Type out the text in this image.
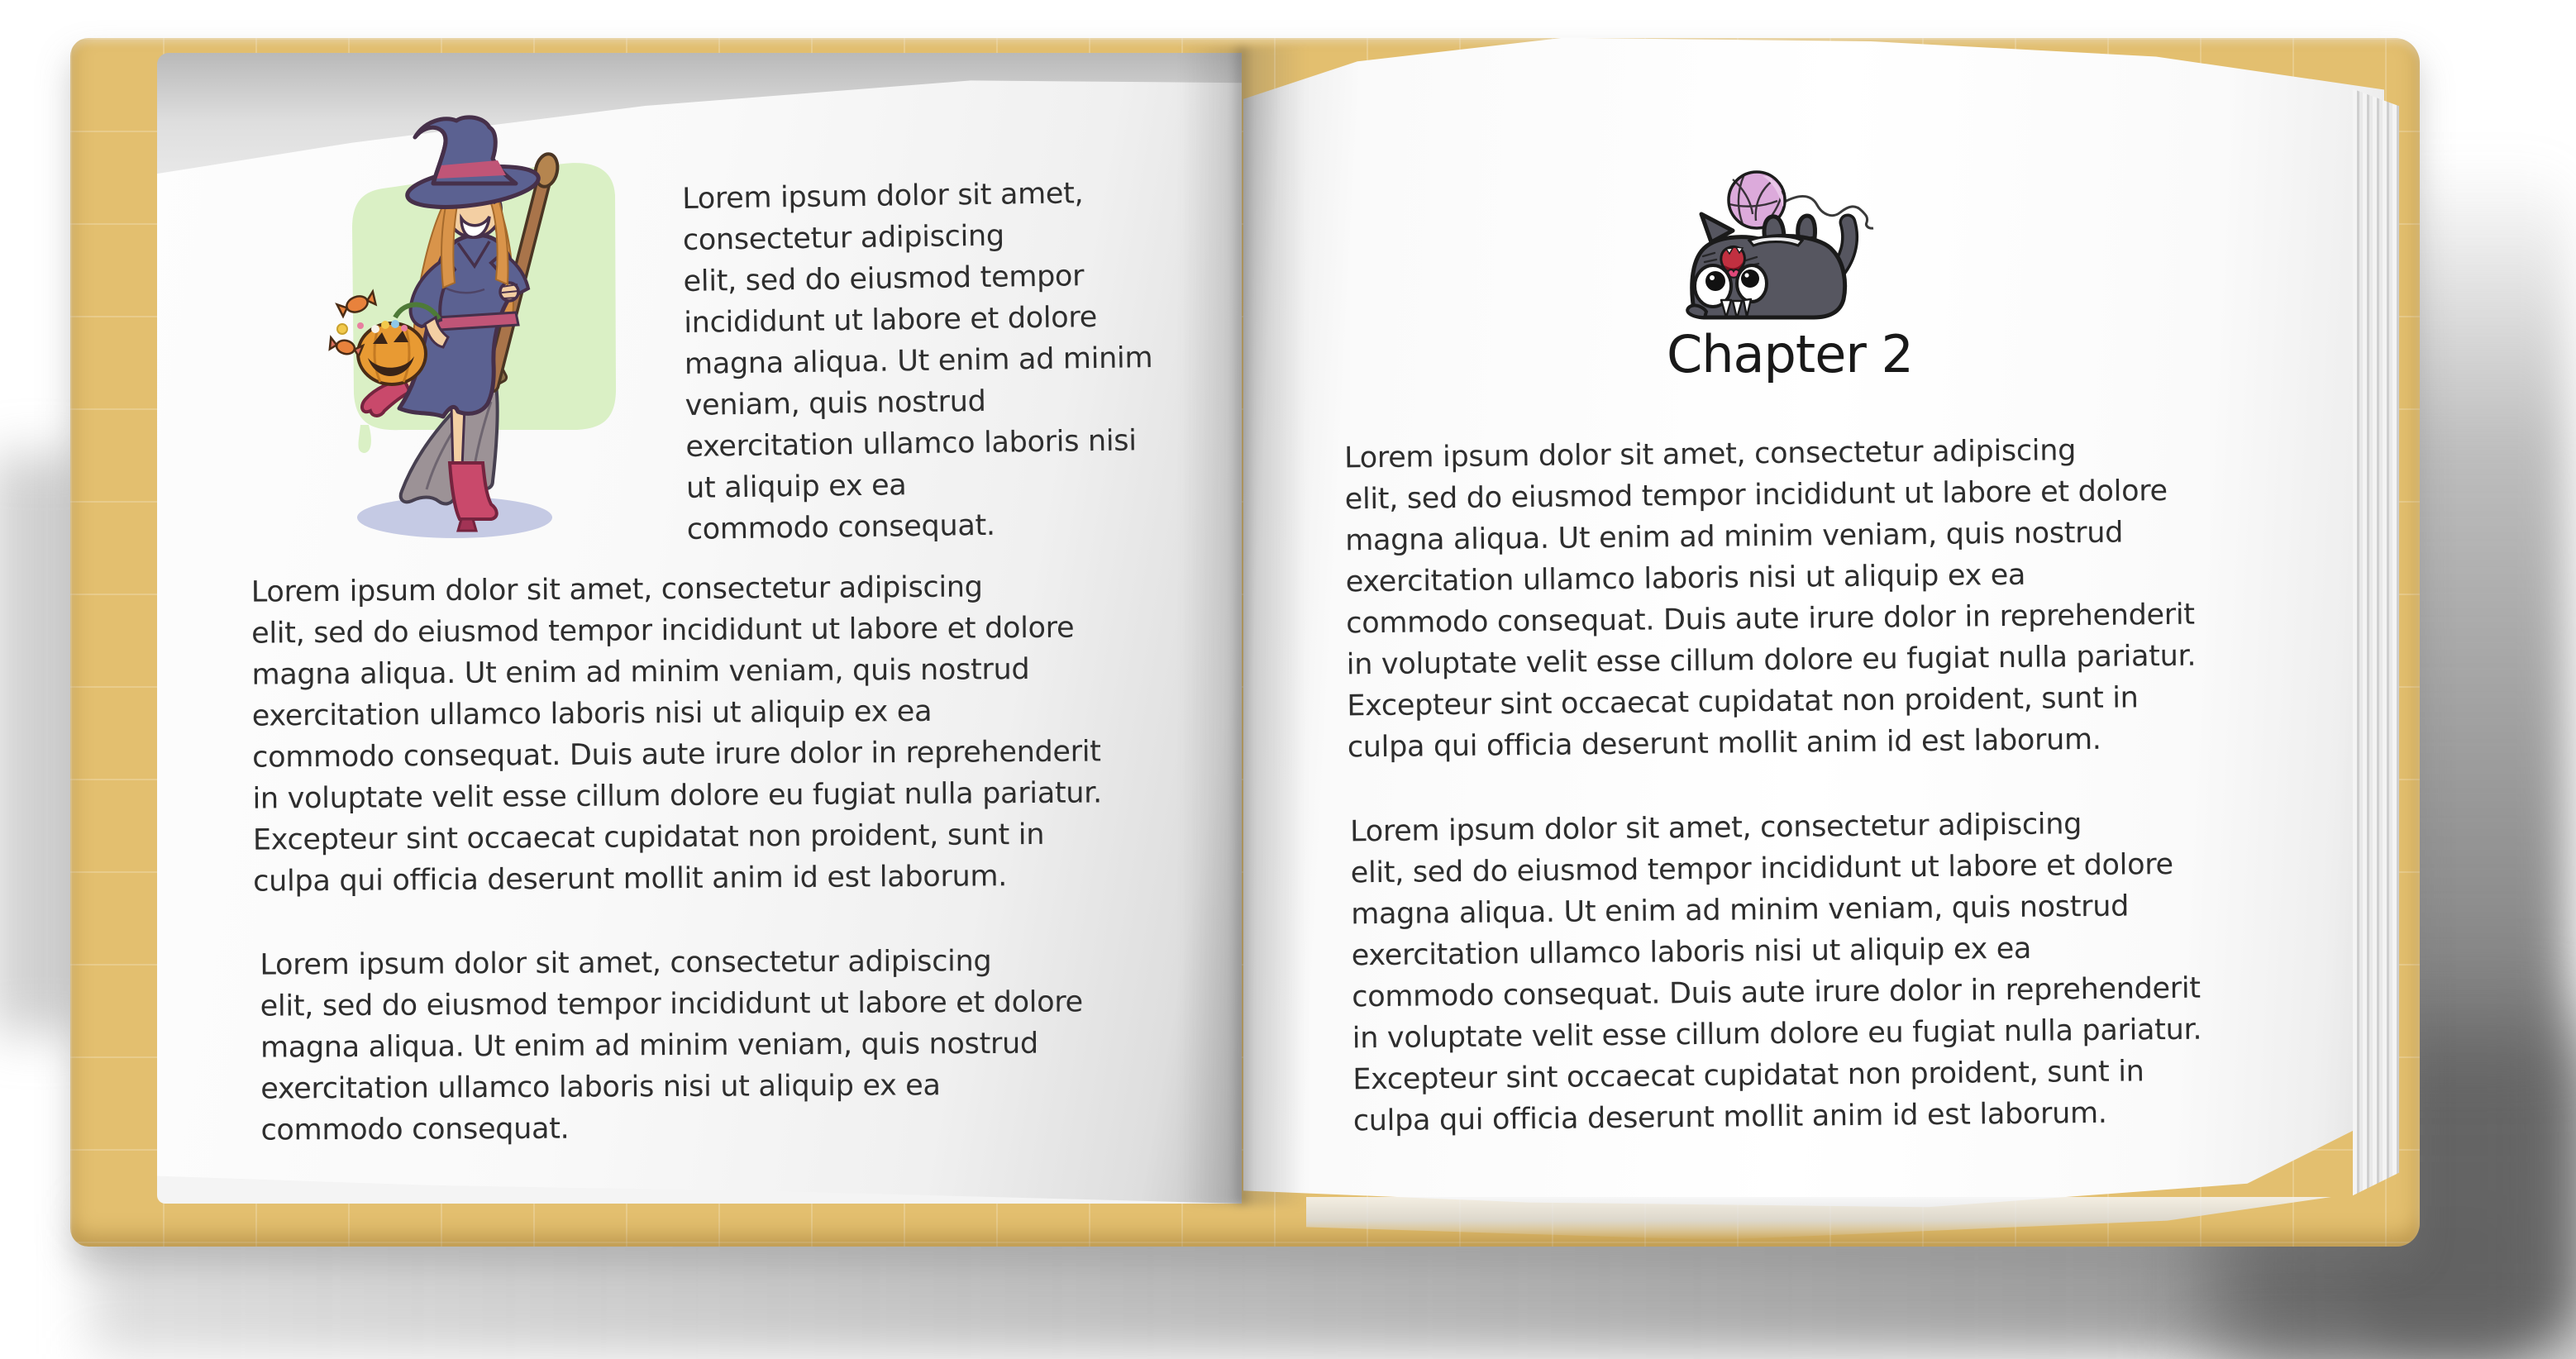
Lorem ipsum dolor sit amet,
consectetur adipiscing
elit, sed do eiusmod tempor
incididunt ut labore et dolore
magna aliqua. Ut enim ad minim
veniam, quis nostrud
exercitation ullamco laboris nisi
ut aliquip ex ea
commodo consequat.
Lorem ipsum dolor sit amet, consectetur adipiscing
elit, sed do eiusmod tempor incididunt ut labore et dolore
magna aliqua. Ut enim ad minim veniam, quis nostrud
exercitation ullamco laboris nisi ut aliquip ex ea
commodo consequat. Duis aute irure dolor in reprehenderit
in voluptate velit esse cillum dolore eu fugiat nulla pariatur.
Excepteur sint occaecat cupidatat non proident, sunt in
culpa qui officia deserunt mollit anim id est laborum.
Lorem ipsum dolor sit amet, consectetur adipiscing
elit, sed do eiusmod tempor incididunt ut labore et dolore
magna aliqua. Ut enim ad minim veniam, quis nostrud
exercitation ullamco laboris nisi ut aliquip ex ea
commodo consequat.
Chapter 2
Lorem ipsum dolor sit amet, consectetur adipiscing
elit, sed do eiusmod tempor incididunt ut labore et dolore
magna aliqua. Ut enim ad minim veniam, quis nostrud
exercitation ullamco laboris nisi ut aliquip ex ea
commodo consequat. Duis aute irure dolor in reprehenderit
in voluptate velit esse cillum dolore eu fugiat nulla pariatur.
Excepteur sint occaecat cupidatat non proident, sunt in
culpa qui officia deserunt mollit anim id est laborum.
Lorem ipsum dolor sit amet, consectetur adipiscing
elit, sed do eiusmod tempor incididunt ut labore et dolore
magna aliqua. Ut enim ad minim veniam, quis nostrud
exercitation ullamco laboris nisi ut aliquip ex ea
commodo consequat. Duis aute irure dolor in reprehenderit
in voluptate velit esse cillum dolore eu fugiat nulla pariatur.
Excepteur sint occaecat cupidatat non proident, sunt in
culpa qui officia deserunt mollit anim id est laborum.
